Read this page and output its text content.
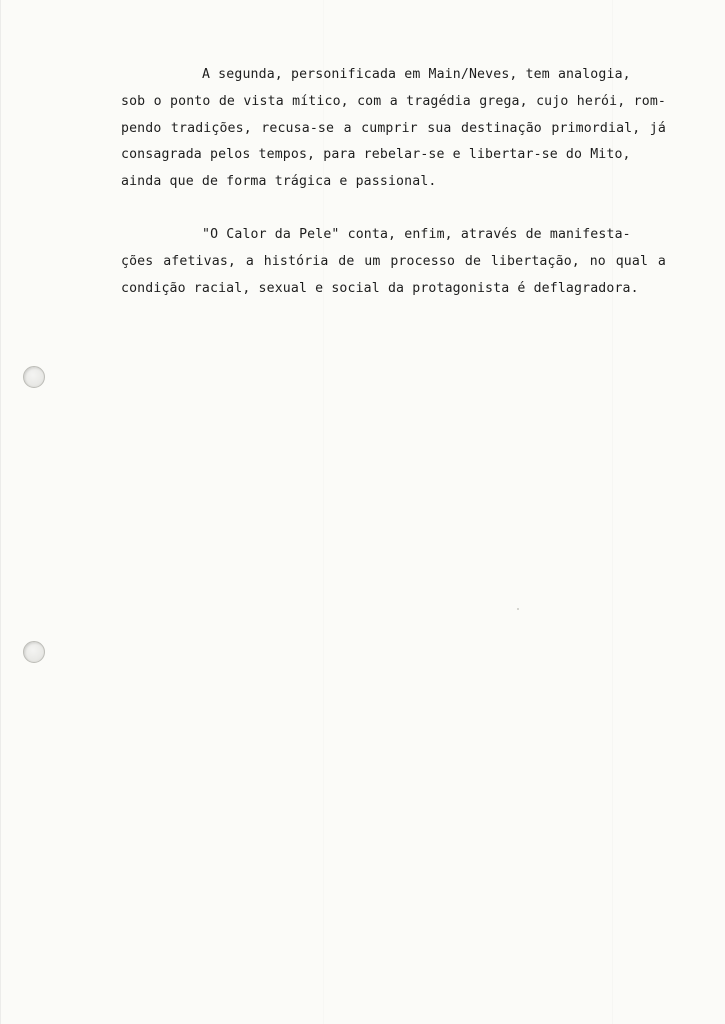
A segunda, personificada em Main/Neves, tem analogia,
sob o ponto de vista mítico, com a tragédia grega, cujo herói, rom-
pendo tradições, recusa-se a cumprir sua destinação primordial, já
consagrada pelos tempos, para rebelar-se e libertar-se do Mito,
ainda que de forma trágica e passional.
"O Calor da Pele" conta, enfim, através de manifesta-
ções afetivas, a história de um processo de libertação, no qual a
condição racial, sexual e social da protagonista é deflagradora.
